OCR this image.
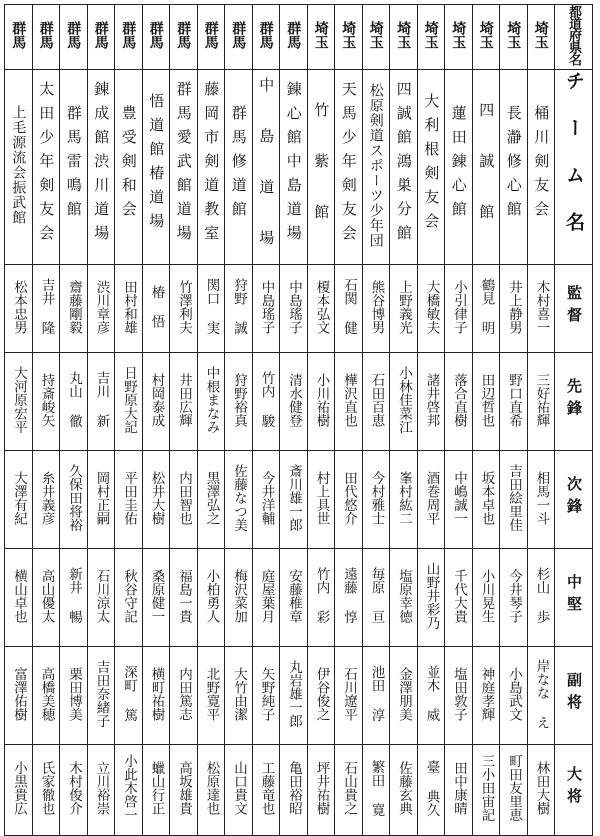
群馬	群馬	群馬	群馬	群馬	群馬	群馬	群馬	群馬	群馬	群馬	埼玉	埼玉	埼玉	埼玉	埼玉	埼玉	埼玉	埼玉	埼玉	都道府県名
上毛源流会振武館	太田少年剣友会	群馬雷鳴館	錬成館渋川道場	豊受剣和会	悟道館椿道場	群馬愛武館道場	藤岡市剣道教室	群馬修道館	中 島 道 場	錬心館中島道場	竹 紫 館	天馬少年剣友会	松原剣道スポーツ少年団	四誠館鴻巣分館	大利根剣友会	蓮田錬心館	四 誠 館	長瀞修心館	桶川剣友会	チーム名
松本忠男	吉井 隆	齋藤剛毅	渋川章彦	田村和雄	椿 悟	竹澤利夫	関口 実	狩野 誠	中島瑤子	中島瑤子	榎本弘文	石関 健	熊谷博男	上野義光	大橋敏夫	小引律子	鶴見 明	井上静男	木村喜一	監督
大河原宏平	持斎峻矢	丸山 徹	吉川 新	日野原大記	村岡泰成	井田広輝	中根まなみ	狩野裕真	竹内 駿	清水健登	小川祐樹	樺沢直也	石田百恵	小林佳菜江	諸井啓邦	落合直樹	田辺哲也	野口直希	三好祐輝	先鋒
大澤有紀	糸井義彦	久保田将裕	岡村正嗣	平田圭佑	松井大樹	内田智也	黒澤弘之	佐藤なつ美	今井洋輔	斎川雄一郎	村上具世	田代悠介	今村雅士	峯村紘二	酒巻周平	中嶋誠一	坂本卓也	吉田絵里佳	相馬一斗	次鋒
横山卓也	高山優太	新井 暢	石川涼太	秋谷守記	桑原健一	福島一貴	小柏勇人	梅沢菜加	庭屋葉月	安藤稚章	竹内 彩	遠藤 惇	毎原 亘	塩原幸徳	山野井彩乃	千代大貴	小川晃生	今井琴子	杉山 歩	中堅
富澤佑樹	高橋美穂	栗田博美	吉田奈緒子	深町 篤	横町祐樹	内田篤志	北野寛平	大竹由潔	矢野純子	丸岩雄一郎	伊谷俊之	石川遼平	池田 淳	金澤朋美	並木 威	塩田敦子	神庭孝輝	小島武文	岸なな え	副将
小黒貴広	氏家徹也	木村俊介	立川裕崇	小此木啓一	蠟山行正	高坂雄貴	松原達也	山口貴文	工藤竜也	亀田裕昭	坪井祐樹	石山貴之	繁田 寛	佐藤玄典	臺 典久	田中康晴	三小田宙記	町田友里恵	林田大樹	大将
